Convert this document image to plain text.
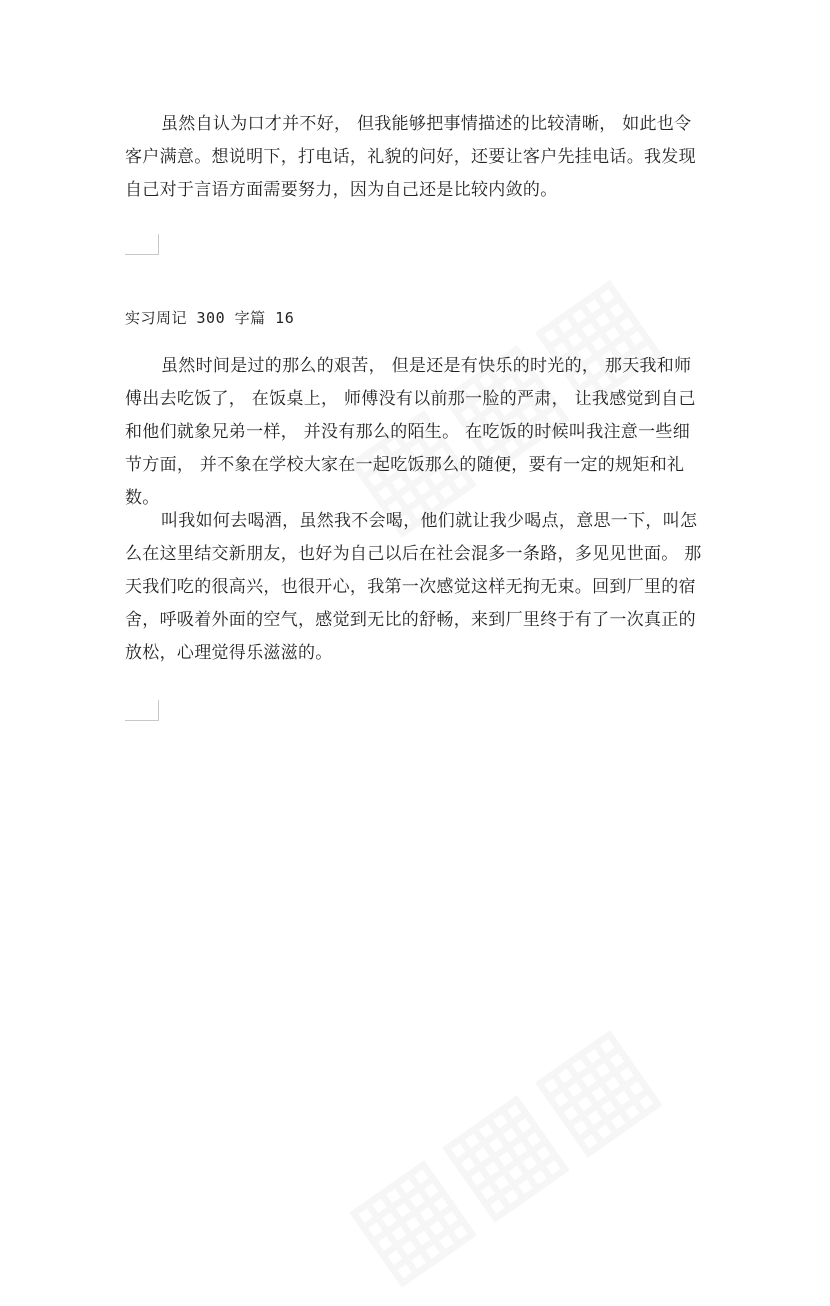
虽然自认为口才并不好， 但我能够把事情描述的比较清晰， 如此也令客户满意。想说明下，打电话，礼貌的问好，还要让客户先挂电话。我发现自己对于言语方面需要努力，因为自己还是比较内敛的。

实习周记 300 字篇 16

虽然时间是过的那么的艰苦， 但是还是有快乐的时光的， 那天我和师傅出去吃饭了， 在饭桌上， 师傅没有以前那一脸的严肃， 让我感觉到自己和他们就象兄弟一样， 并没有那么的陌生。 在吃饭的时候叫我注意一些细节方面， 并不象在学校大家在一起吃饭那么的随便，要有一定的规矩和礼数。

叫我如何去喝酒，虽然我不会喝，他们就让我少喝点，意思一下，叫怎么在这里结交新朋友，也好为自己以后在社会混多一条路，多见见世面。 那天我们吃的很高兴，也很开心，我第一次感觉这样无拘无束。回到厂里的宿舍，呼吸着外面的空气，感觉到无比的舒畅，来到厂里终于有了一次真正的放松，心理觉得乐滋滋的。
